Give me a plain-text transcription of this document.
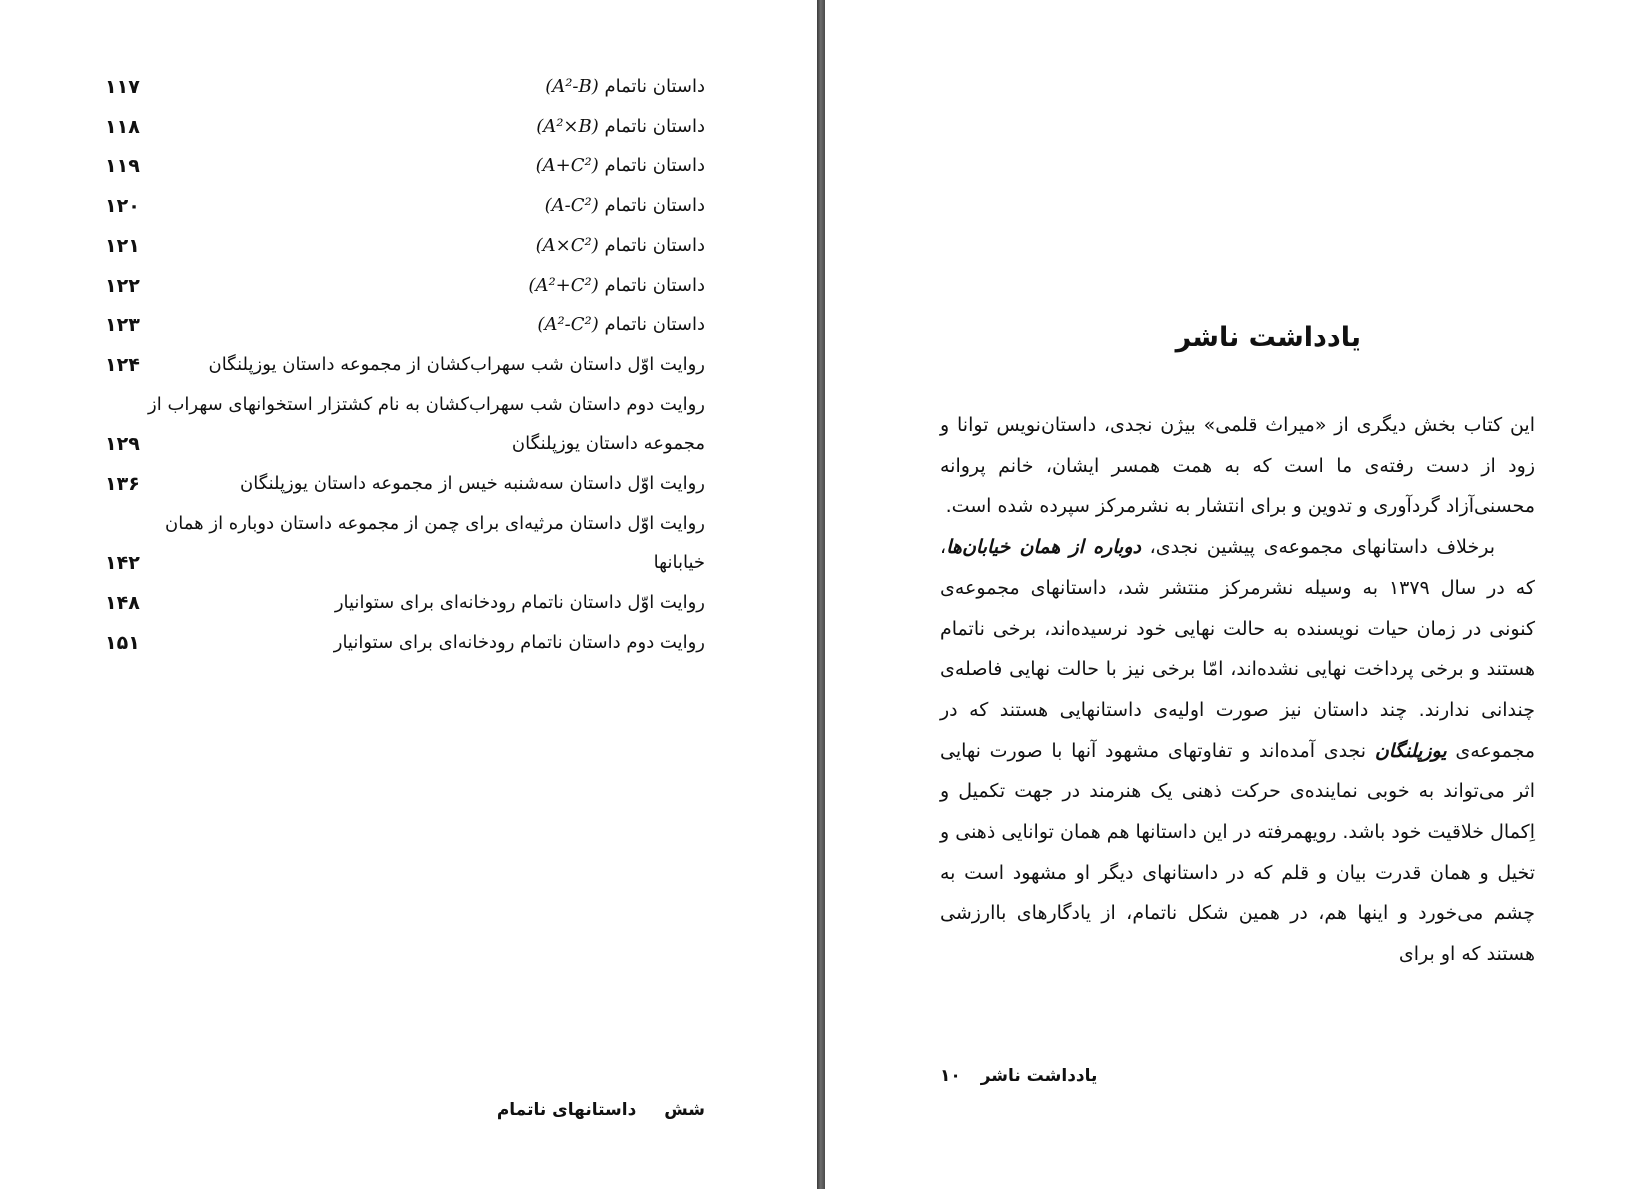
داستان ناتمام (A²-B)
۱۱۷
داستان ناتمام (A²×B)
۱۱۸
داستان ناتمام (A+C²)
۱۱۹
داستان ناتمام (A-C²)
۱۲۰
داستان ناتمام (A×C²)
۱۲۱
داستان ناتمام (A²+C²)
۱۲۲
داستان ناتمام (A²-C²)
۱۲۳
روایت اوّل داستان شب سهراب‌کشان از مجموعه داستان یوزپلنگان
۱۲۴
روایت دوم داستان شب سهراب‌کشان به نام کشتزار استخوانهای سهراب از
مجموعه داستان یوزپلنگان
۱۲۹
روایت اوّل داستان سه‌شنبه خیس از مجموعه داستان یوزپلنگان
۱۳۶
روایت اوّل داستان مرثیه‌ای برای چمن از مجموعه داستان دوباره از همان
خیابانها
۱۴۲
روایت اوّل داستان ناتمام رودخانه‌ای برای ستوانیار
۱۴۸
روایت دوم داستان ناتمام رودخانه‌ای برای ستوانیار
۱۵۱
شش داستانهای ناتمام
یادداشت ناشر

این کتاب بخش دیگری از «میراث قلمی» بیژن نجدی، داستان‌نویس توانا و زود از دست رفته‌ی ما است که به همت همسر ایشان، خانم پروانه محسنی‌آزاد گردآوری و تدوین و برای انتشار به نشرمرکز سپرده شده است.

برخلاف داستانهای مجموعه‌ی پیشین نجدی، دوباره از همان خیابان‌ها، که در سال ۱۳۷۹ به وسیله نشرمرکز منتشر شد، داستانهای مجموعه‌ی کنونی در زمان حیات نویسنده به حالت نهایی خود نرسیده‌اند، برخی ناتمام هستند و برخی پرداخت نهایی نشده‌اند، امّا برخی نیز با حالت نهایی فاصله‌ی چندانی ندارند. چند داستان نیز صورت اولیه‌ی داستانهایی هستند که در مجموعه‌ی یوزپلنگان نجدی آمده‌اند و تفاوتهای مشهود آنها با صورت نهایی اثر می‌تواند به خوبی نماینده‌ی حرکت ذهنی یک هنرمند در جهت تکمیل و اِکمال خلاقیت خود باشد. رویهمرفته در این داستانها هم همان توانایی ذهنی و تخیل و همان قدرت بیان و قلم که در داستانهای دیگر او مشهود است به چشم می‌خورد و اینها هم، در همین شکل ناتمام، از یادگارهای باارزشی هستند که او برای

یادداشت ناشر ۱۰
